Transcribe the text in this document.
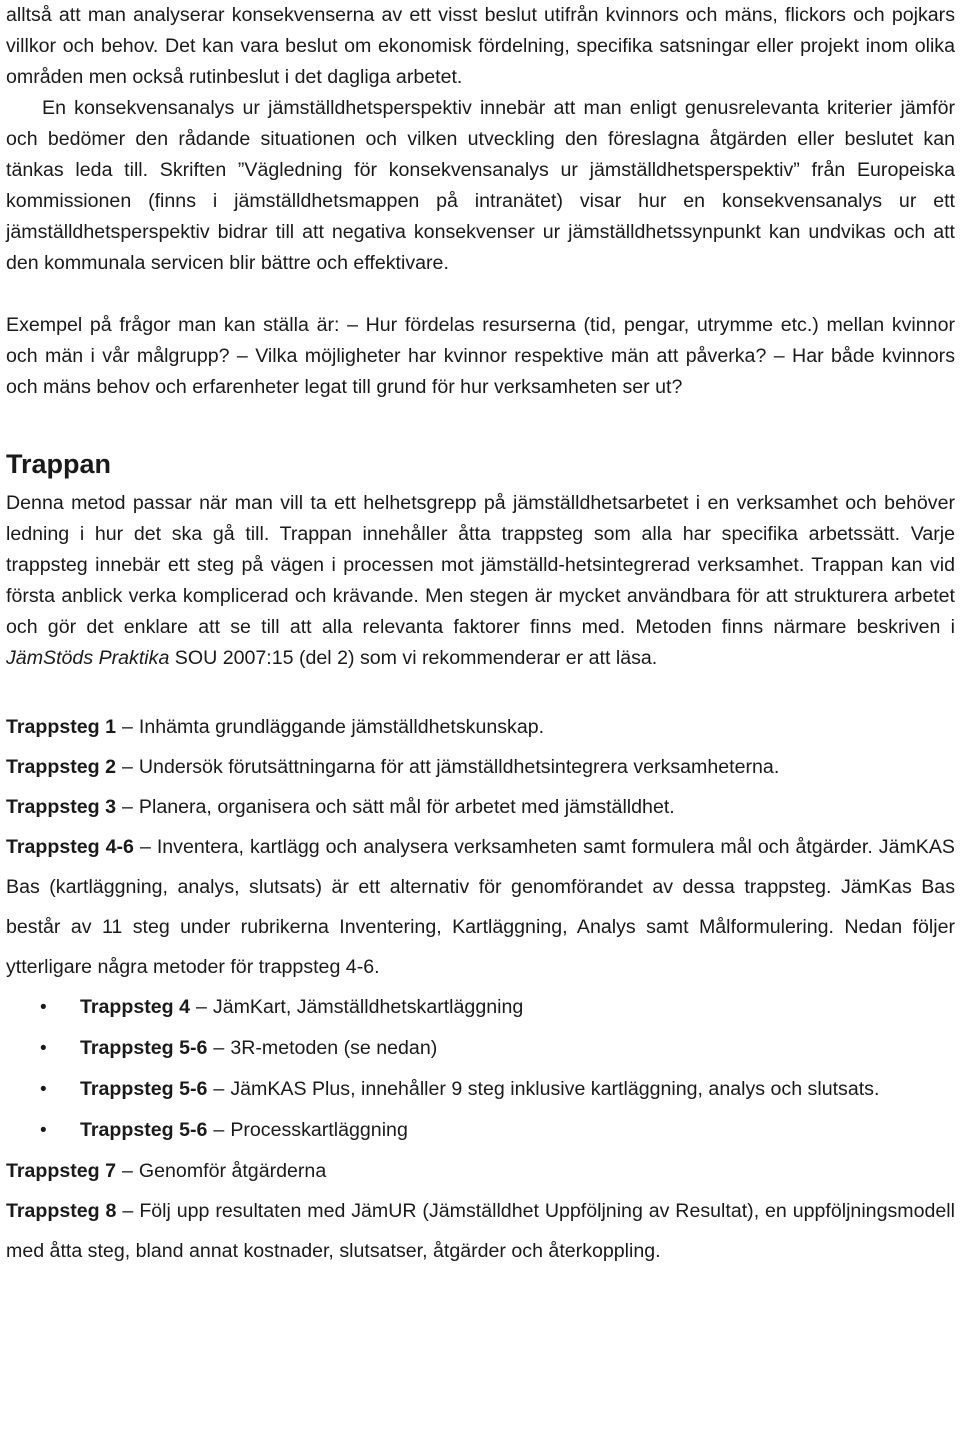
alltså att man analyserar konsekvenserna av ett visst beslut utifrån kvinnors och mäns, flickors och pojkars villkor och behov. Det kan vara beslut om ekonomisk fördelning, specifika satsningar eller projekt inom olika områden men också rutinbeslut i det dagliga arbetet.

En konsekvensanalys ur jämställdhetsperspektiv innebär att man enligt genusrelevanta kriterier jämför och bedömer den rådande situationen och vilken utveckling den föreslagna åtgärden eller beslutet kan tänkas leda till. Skriften ”Vägledning för konsekvensanalys ur jämställdhetsperspektiv” från Europeiska kommissionen (finns i jämställdhetsmappen på intranätet) visar hur en konsekvensanalys ur ett jämställdhetsperspektiv bidrar till att negativa konsekvenser ur jämställdhetssynpunkt kan undvikas och att den kommunala servicen blir bättre och effektivare.

Exempel på frågor man kan ställa är: – Hur fördelas resurserna (tid, pengar, utrymme etc.) mellan kvinnor och män i vår målgrupp? – Vilka möjligheter har kvinnor respektive män att påverka? – Har både kvinnors och mäns behov och erfarenheter legat till grund för hur verksamheten ser ut?

Trappan

Denna metod passar när man vill ta ett helhetsgrepp på jämställdhetsarbetet i en verksamhet och behöver ledning i hur det ska gå till. Trappan innehåller åtta trappsteg som alla har specifika arbetssätt. Varje trappsteg innebär ett steg på vägen i processen mot jämställd-hetsintegrerad verksamhet. Trappan kan vid första anblick verka komplicerad och krävande. Men stegen är mycket användbara för att strukturera arbetet och gör det enklare att se till att alla relevanta faktorer finns med. Metoden finns närmare beskriven i JämStöds Praktika SOU 2007:15 (del 2) som vi rekommenderar er att läsa.

Trappsteg 1 – Inhämta grundläggande jämställdhetskunskap.
Trappsteg 2 – Undersök förutsättningarna för att jämställdhetsintegrera verksamheterna.
Trappsteg 3 – Planera, organisera och sätt mål för arbetet med jämställdhet.
Trappsteg 4-6 – Inventera, kartlägg och analysera verksamheten samt formulera mål och åtgärder. JämKAS Bas (kartläggning, analys, slutsats) är ett alternativ för genomförandet av dessa trappsteg. JämKas Bas består av 11 steg under rubrikerna Inventering, Kartläggning, Analys samt Målformulering. Nedan följer ytterligare några metoder för trappsteg 4-6.
• Trappsteg 4 – JämKart, Jämställdhetskartläggning
• Trappsteg 5-6 – 3R-metoden (se nedan)
• Trappsteg 5-6 – JämKAS Plus, innehåller 9 steg inklusive kartläggning, analys och slutsats.
• Trappsteg 5-6 – Processkartläggning
Trappsteg 7 – Genomför åtgärderna
Trappsteg 8 – Följ upp resultaten med JämUR (Jämställdhet Uppföljning av Resultat), en uppföljningsmodell med åtta steg, bland annat kostnader, slutsatser, åtgärder och återkoppling.
